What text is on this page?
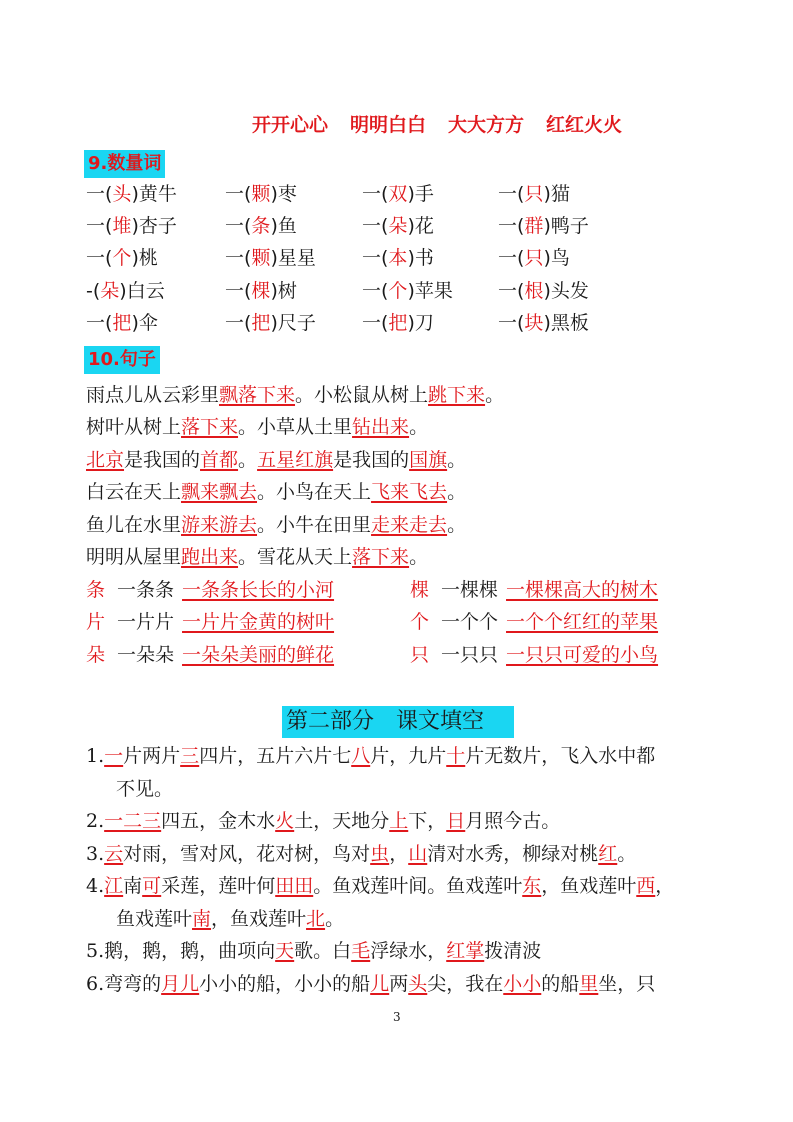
开开心心 明明白白 大大方方 红红火火
9.数量词
一(头)黄牛	一(颗)枣	一(双)手	一(只)猫
一(堆)杏子	一(条)鱼	一(朵)花	一(群)鸭子
一(个)桃	一(颗)星星 一(本)书	一(只)鸟
-(朵)白云	一(棵)树	一(个)苹果 一(根)头发
一(把)伞	一(把)尺子 一(把)刀	一(块)黑板
10.句子
雨点儿从云彩里飘落下来。小松鼠从树上跳下来。
树叶从树上落下来。小草从土里钻出来。
北京是我国的首都。五星红旗是我国的国旗。
白云在天上飘来飘去。小鸟在天上飞来飞去。
鱼儿在水里游来游去。小牛在田里走来走去。
明明从屋里跑出来。雪花从天上落下来。
条 一条条 一条条长长的小河	棵 一棵棵 一棵棵高大的树木
片 一片片 一片片金黄的树叶	个 一个个 一个个红红的苹果
朵 一朵朵 一朵朵美丽的鲜花	只 一只只 一只只可爱的小鸟
第二部分　课文填空
1.一片两片三四片，五片六片七八片，九片十片无数片，飞入水中都
不见。
2.一二三四五，金木水火土，天地分上下，日月照今古。
3.云对雨，雪对风，花对树，鸟对虫，山清对水秀，柳绿对桃红。
4.江南可采莲，莲叶何田田。鱼戏莲叶间。鱼戏莲叶东，鱼戏莲叶西，
鱼戏莲叶南，鱼戏莲叶北。
5.鹅，鹅，鹅，曲项向天歌。白毛浮绿水，红掌拨清波
6.弯弯的月儿小小的船，小小的船儿两头尖，我在小小的船里坐，只
3
